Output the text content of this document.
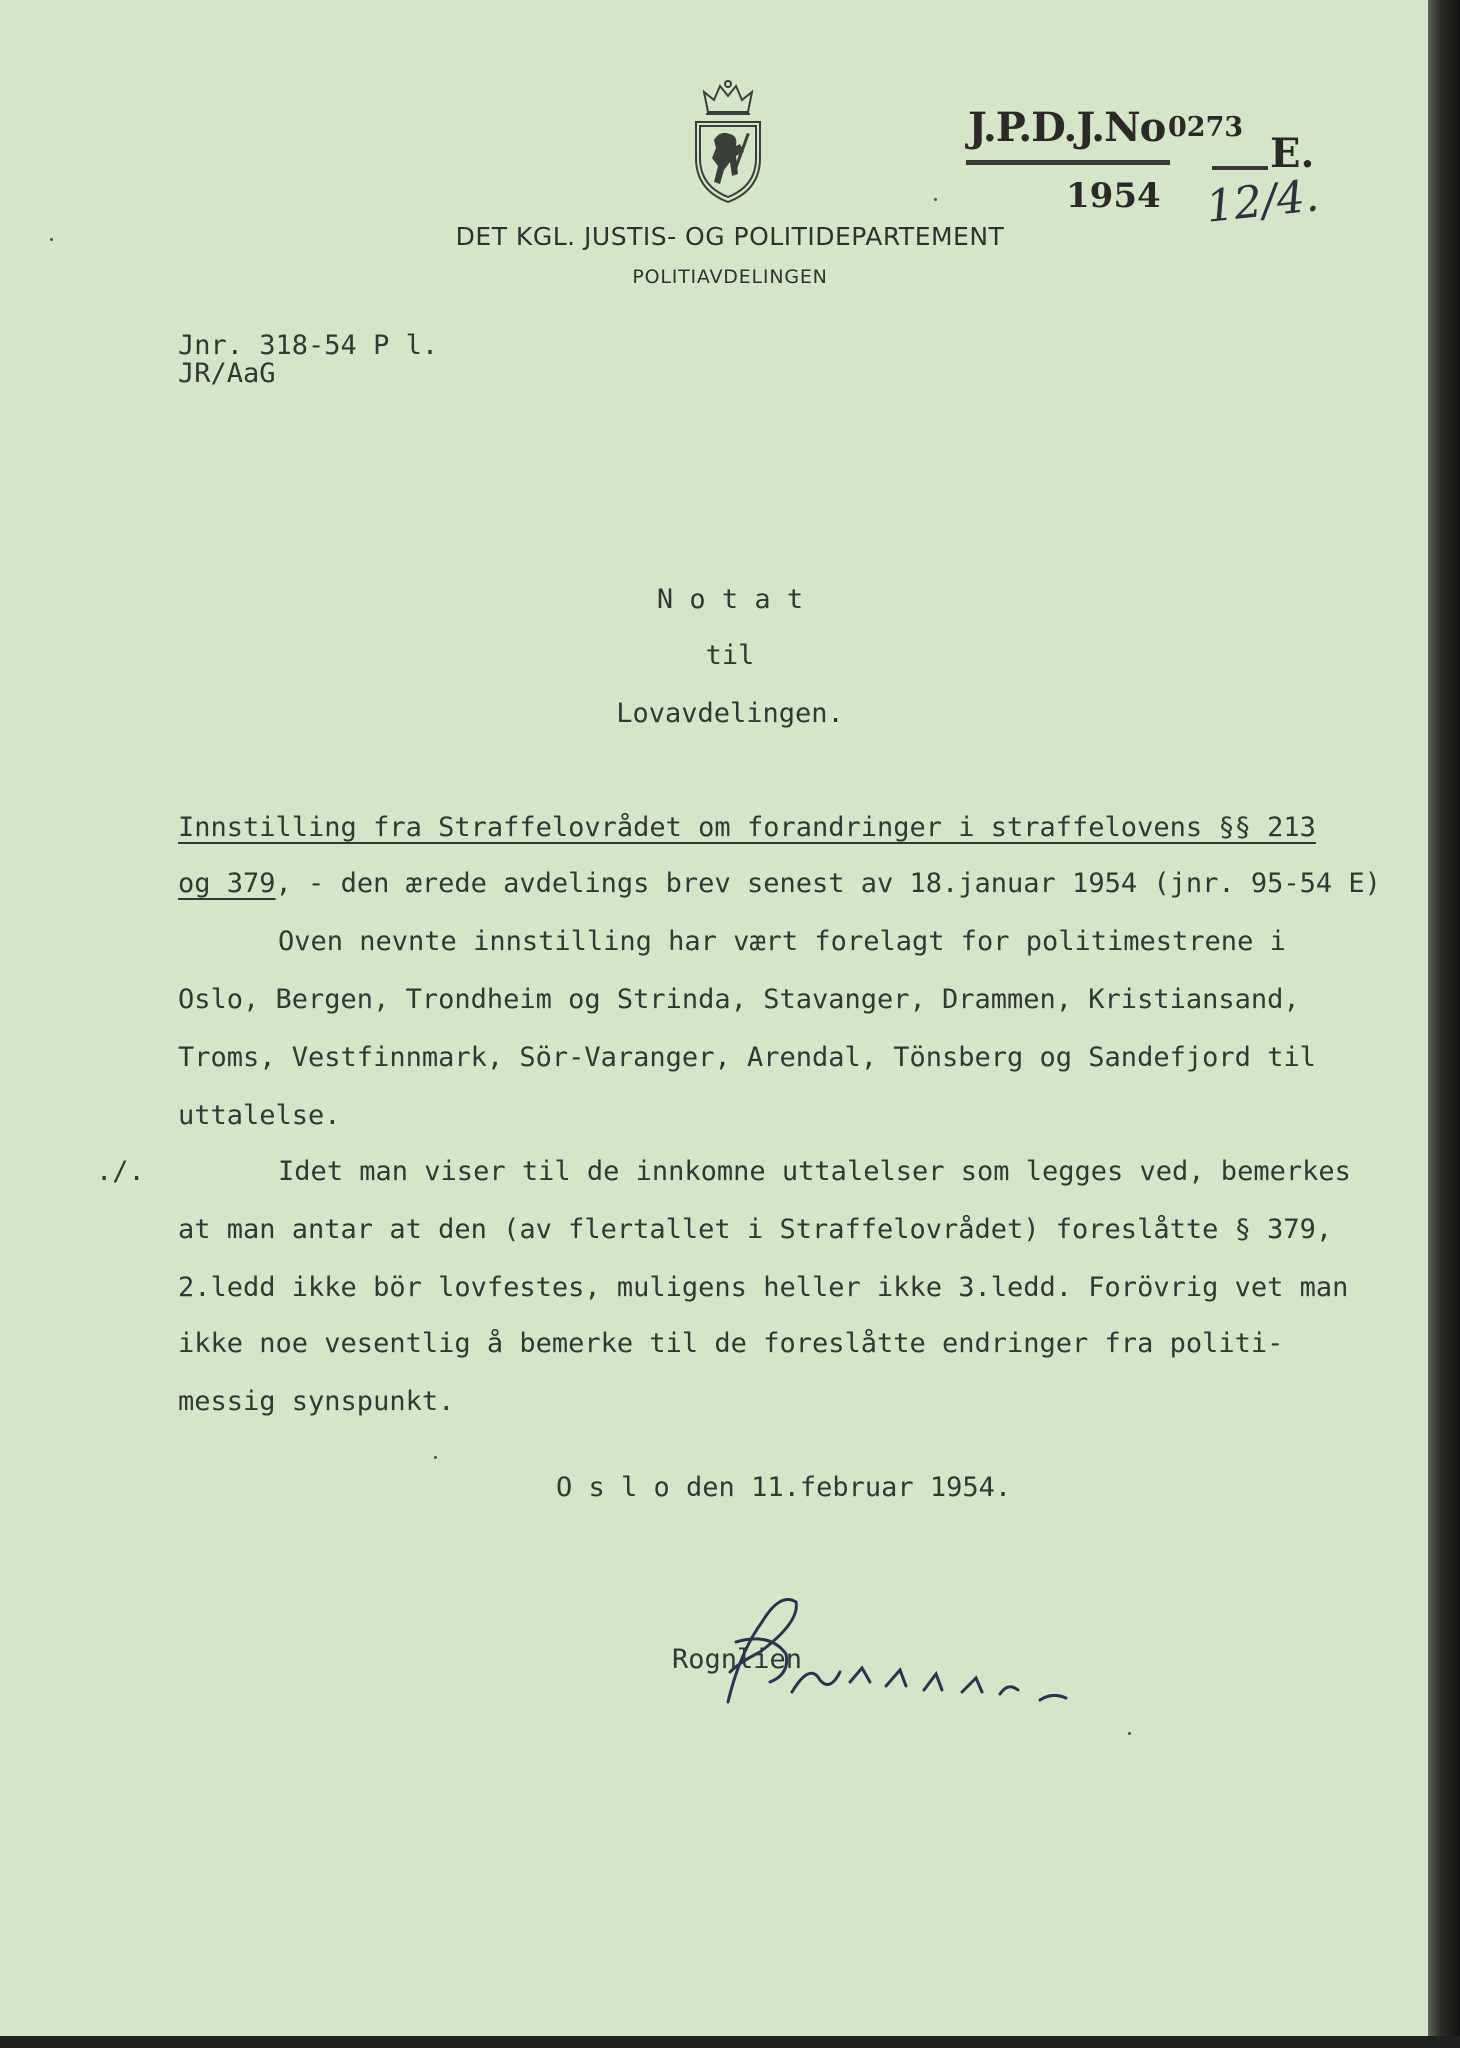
J.P.D.J.No 0273
E.
1954 12/4.
DET KGL. JUSTIS- OG POLITIDEPARTEMENT
POLITIAVDELINGEN
Jnr. 318-54 P l.
JR/AaG
N o t a t
til
Lovavdelingen.
Innstilling fra Straffelovrådet om forandringer i straffelovens §§ 213
og 379, - den ærede avdelings brev senest av 18.januar 1954 (jnr. 95-54 E)
Oven nevnte innstilling har vært forelagt for politimestrene i
Oslo, Bergen, Trondheim og Strinda, Stavanger, Drammen, Kristiansand,
Troms, Vestfinnmark, Sör-Varanger, Arendal, Tönsberg og Sandefjord til
uttalelse.
./.	Idet man viser til de innkomne uttalelser som legges ved, bemerkes
at man antar at den (av flertallet i Straffelovrådet) foreslåtte § 379,
2.ledd ikke bör lovfestes, muligens heller ikke 3.ledd. Forövrig vet man
ikke noe vesentlig å bemerke til de foreslåtte endringer fra politi-
messig synspunkt.
O s l o den 11.februar 1954.
Rognlien
